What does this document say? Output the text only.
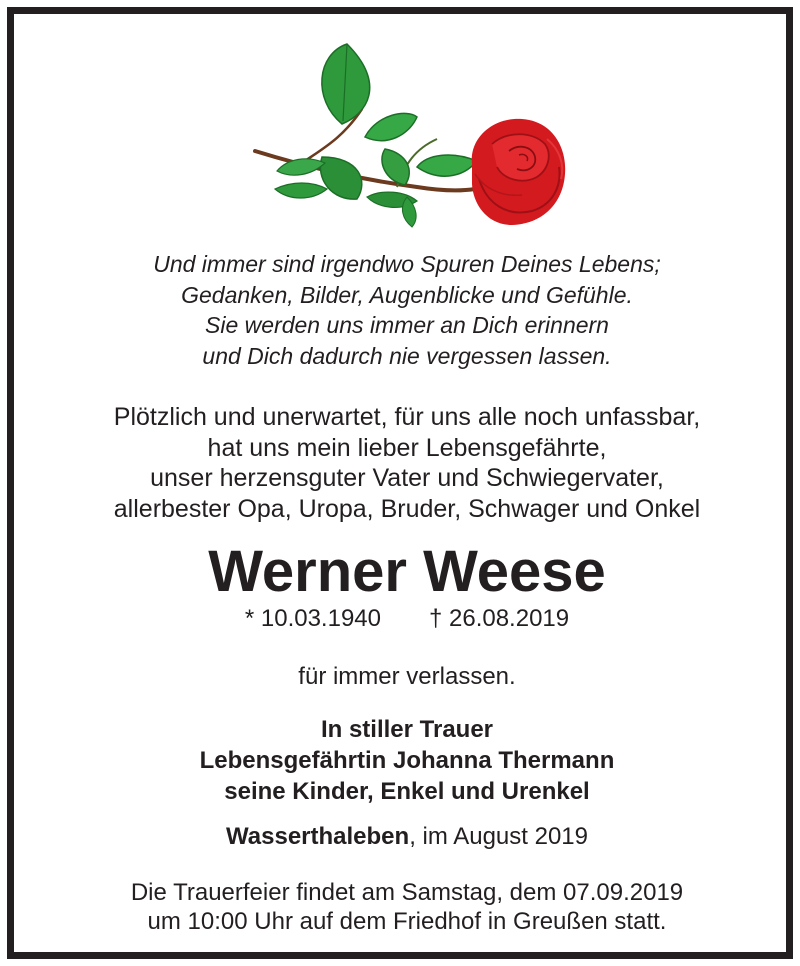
Und immer sind irgendwo Spuren Deines Lebens;
Gedanken, Bilder, Augenblicke und Gefühle.
Sie werden uns immer an Dich erinnern
und Dich dadurch nie vergessen lassen.
Plötzlich und unerwartet, für uns alle noch unfassbar,
hat uns mein lieber Lebensgefährte,
unser herzensguter Vater und Schwiegervater,
allerbester Opa, Uropa, Bruder, Schwager und Onkel
Werner Weese
* 10.03.1940 † 26.08.2019
für immer verlassen.
In stiller Trauer
Lebensgefährtin Johanna Thermann
seine Kinder, Enkel und Urenkel
Wasserthaleben, im August 2019
Die Trauerfeier findet am Samstag, dem 07.09.2019
um 10:00 Uhr auf dem Friedhof in Greußen statt.
